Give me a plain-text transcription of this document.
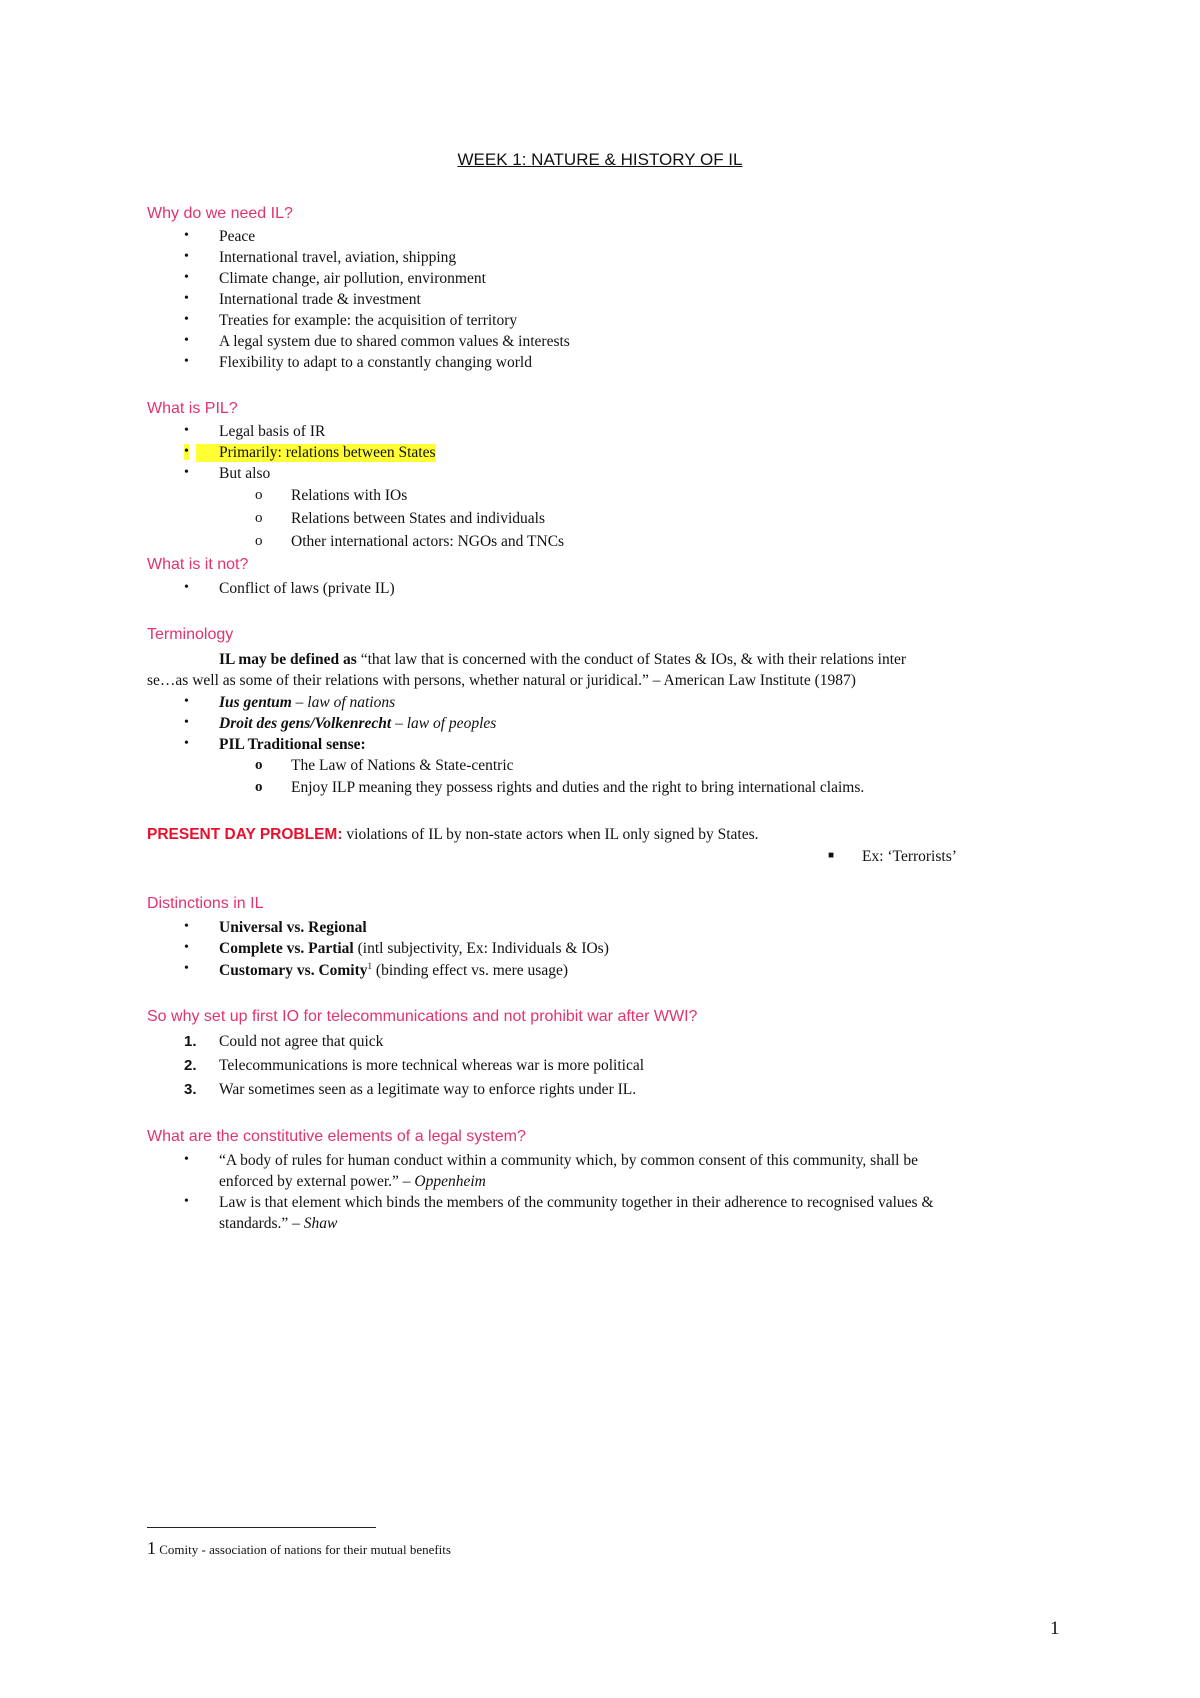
WEEK 1: NATURE & HISTORY OF IL
Why do we need IL?
• Peace
• International travel, aviation, shipping
• Climate change, air pollution, environment
• International trade & investment
• Treaties for example: the acquisition of territory
• A legal system due to shared common values & interests
• Flexibility to adapt to a constantly changing world
What is PIL?
• Legal basis of IR
•	Primarily: relations between States
• But also
o Relations with IOs
o Relations between States and individuals
o Other international actors: NGOs and TNCs
What is it not?
• Conflict of laws (private IL)
Terminology
IL may be defined as “that law that is concerned with the conduct of States & IOs, & with their relations inter
se…as well as some of their relations with persons, whether natural or juridical.” – American Law Institute (1987)
• Ius gentum – law of nations
• Droit des gens/Volkenrecht – law of peoples
• PIL Traditional sense:
o The Law of Nations & State-centric
o Enjoy ILP meaning they possess rights and duties and the right to bring international claims.
PRESENT DAY PROBLEM: violations of IL by non-state actors when IL only signed by States.
■ Ex: ‘Terrorists’
Distinctions in IL
• Universal vs. Regional
• Complete vs. Partial (intl subjectivity, Ex: Individuals & IOs)
• Customary vs. Comity$^1$ (binding effect vs. mere usage)
So why set up first IO for telecommunications and not prohibit war after WWI?
1. Could not agree that quick
2. Telecommunications is more technical whereas war is more political
3. War sometimes seen as a legitimate way to enforce rights under IL.
What are the constitutive elements of a legal system?
• “A body of rules for human conduct within a community which, by common consent of this community, shall be
enforced by external power.” – Oppenheim
• Law is that element which binds the members of the community together in their adherence to recognised values &
standards.” – Shaw
1 Comity - association of nations for their mutual benefits
1
